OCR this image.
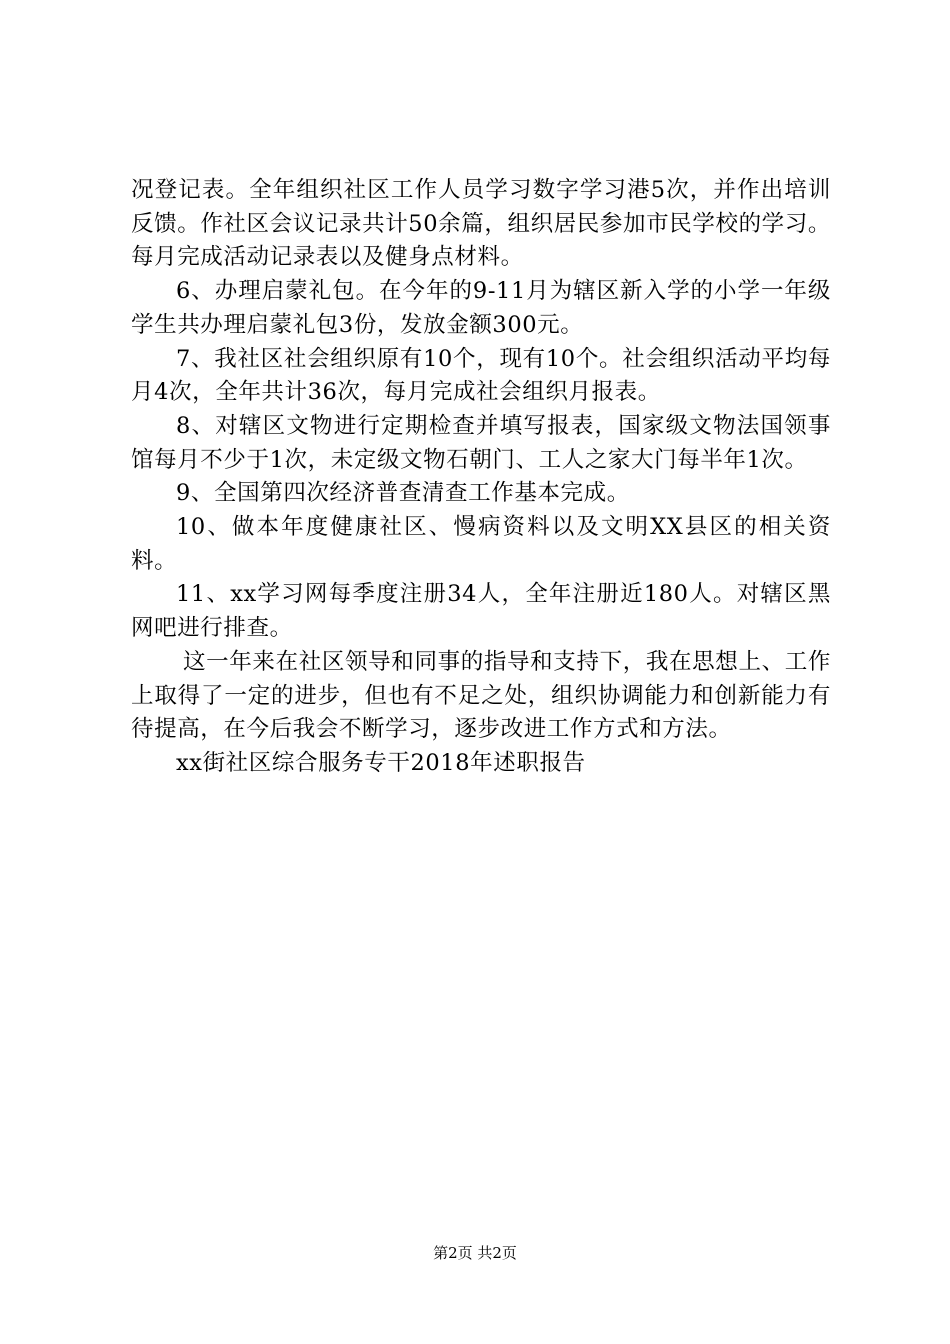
况登记表。全年组织社区工作人员学习数字学习港5次，并作出培训反馈。作社区会议记录共计50余篇，组织居民参加市民学校的学习。每月完成活动记录表以及健身点材料。

6、办理启蒙礼包。在今年的9-11月为辖区新入学的小学一年级学生共办理启蒙礼包3份，发放金额300元。

7、我社区社会组织原有10个，现有10个。社会组织活动平均每月4次，全年共计36次，每月完成社会组织月报表。

8、对辖区文物进行定期检查并填写报表，国家级文物法国领事馆每月不少于1次，未定级文物石朝门、工人之家大门每半年1次。

9、全国第四次经济普查清查工作基本完成。

10、做本年度健康社区、慢病资料以及文明XX县区的相关资料。

11、xx学习网每季度注册34人，全年注册近180人。对辖区黑网吧进行排查。

这一年来在社区领导和同事的指导和支持下，我在思想上、工作上取得了一定的进步，但也有不足之处，组织协调能力和创新能力有待提高，在今后我会不断学习，逐步改进工作方式和方法。

xx街社区综合服务专干2018年述职报告

第2页 共2页
